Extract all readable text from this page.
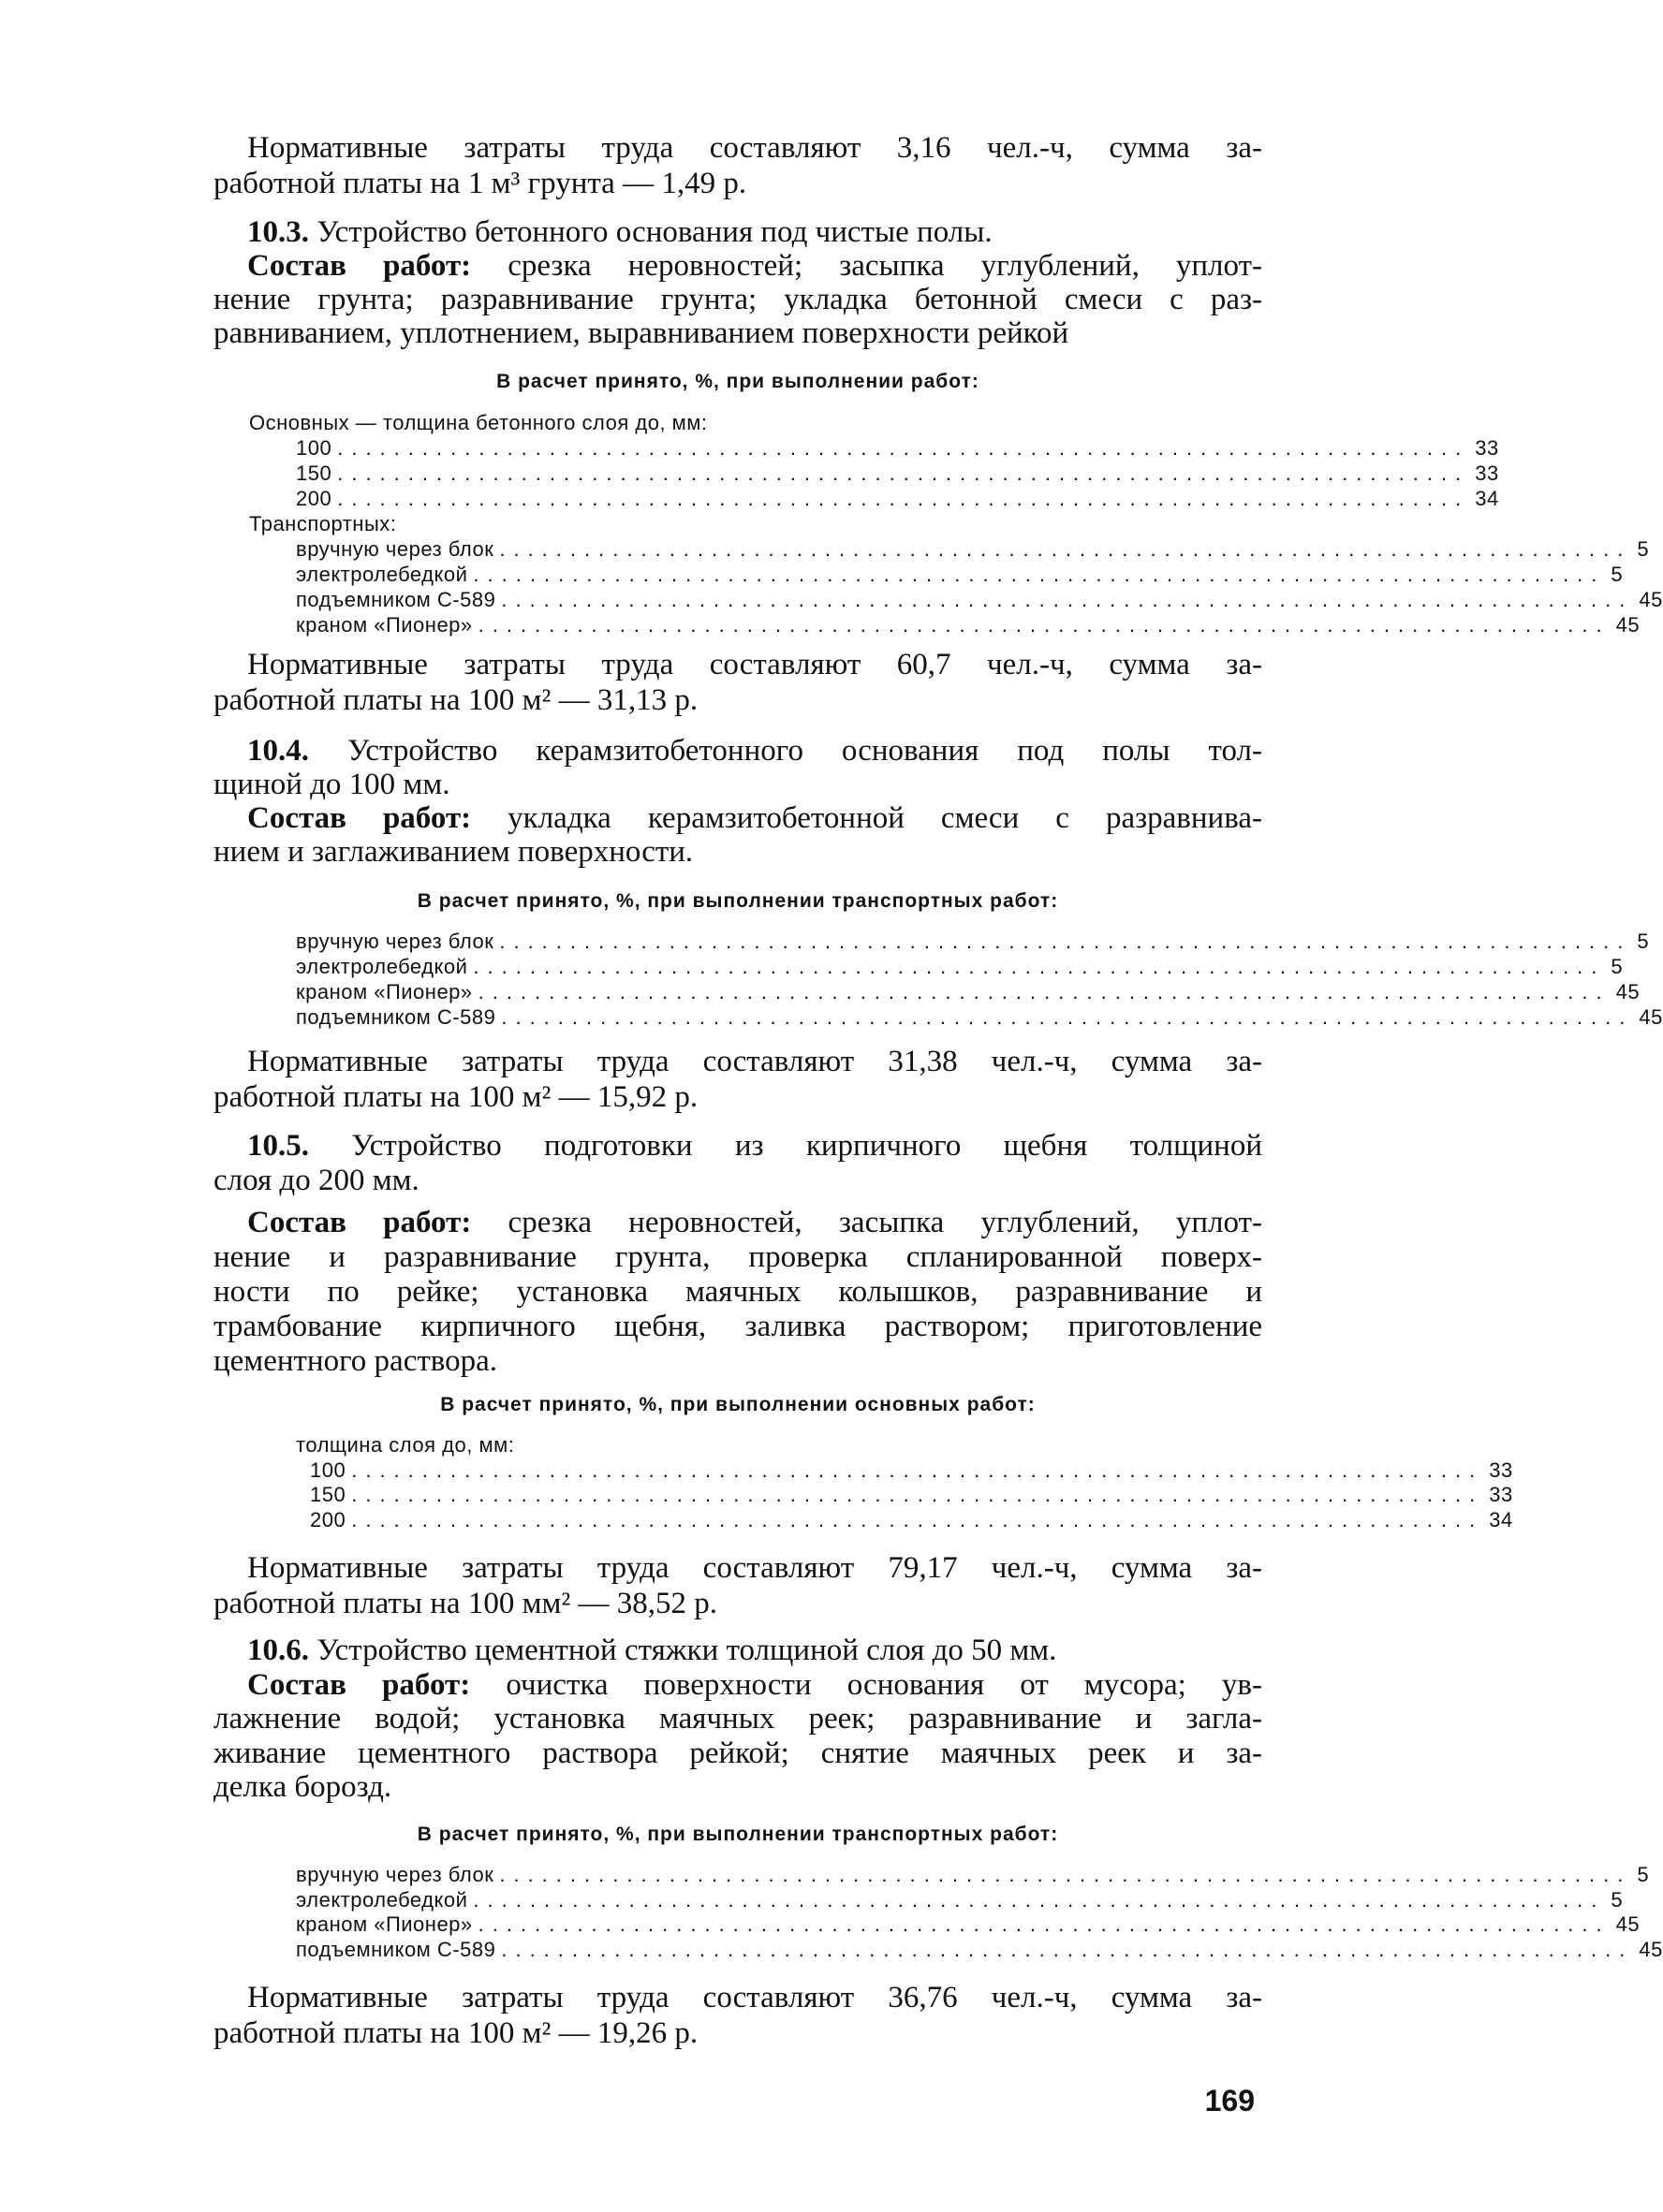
Нормативные затраты труда составляют 3,16 чел.-ч, сумма за-
работной платы на 1 м³ грунта — 1,49 р.
10.3. Устройство бетонного основания под чистые полы.
Состав работ: срезка неровностей; засыпка углублений, уплот-
нение грунта; разравнивание грунта; укладка бетонной смеси с раз-
равниванием, уплотнением, выравниванием поверхности рейкой
В расчет принято, %, при выполнении работ:
Основных — толщина бетонного слоя до, мм:
100 ................................................................................ 33
150 ................................................................................ 33
200 ................................................................................ 34
Транспортных:
вручную через блок ................................................................................ 5
электролебедкой ................................................................................ 5
подъемником С-589 ................................................................................ 45
краном «Пионер» ................................................................................ 45
Нормативные затраты труда составляют 60,7 чел.-ч, сумма за-
работной платы на 100 м² — 31,13 р.
10.4. Устройство керамзитобетонного основания под полы тол-
щиной до 100 мм.
Состав работ: укладка керамзитобетонной смеси с разравнива-
нием и заглаживанием поверхности.
В расчет принято, %, при выполнении транспортных работ:
вручную через блок ................................................................................ 5
электролебедкой ................................................................................ 5
краном «Пионер» ................................................................................ 45
подъемником С-589 ................................................................................ 45
Нормативные затраты труда составляют 31,38 чел.-ч, сумма за-
работной платы на 100 м² — 15,92 р.
10.5. Устройство подготовки из кирпичного щебня толщиной
слоя до 200 мм.
Состав работ: срезка неровностей, засыпка углублений, уплот-
нение и разравнивание грунта, проверка спланированной поверх-
ности по рейке; установка маячных колышков, разравнивание и
трамбование кирпичного щебня, заливка раствором; приготовление
цементного раствора.
В расчет принято, %, при выполнении основных работ:
толщина слоя до, мм:
100 ................................................................................ 33
150 ................................................................................ 33
200 ................................................................................ 34
Нормативные затраты труда составляют 79,17 чел.-ч, сумма за-
работной платы на 100 мм² — 38,52 р.
10.6. Устройство цементной стяжки толщиной слоя до 50 мм.
Состав работ: очистка поверхности основания от мусора; ув-
лажнение водой; установка маячных реек; разравнивание и загла-
живание цементного раствора рейкой; снятие маячных реек и за-
делка борозд.
В расчет принято, %, при выполнении транспортных работ:
вручную через блок ................................................................................ 5
электролебедкой ................................................................................ 5
краном «Пионер» ................................................................................ 45
подъемником С-589 ................................................................................ 45
Нормативные затраты труда составляют 36,76 чел.-ч, сумма за-
работной платы на 100 м² — 19,26 р.
169
